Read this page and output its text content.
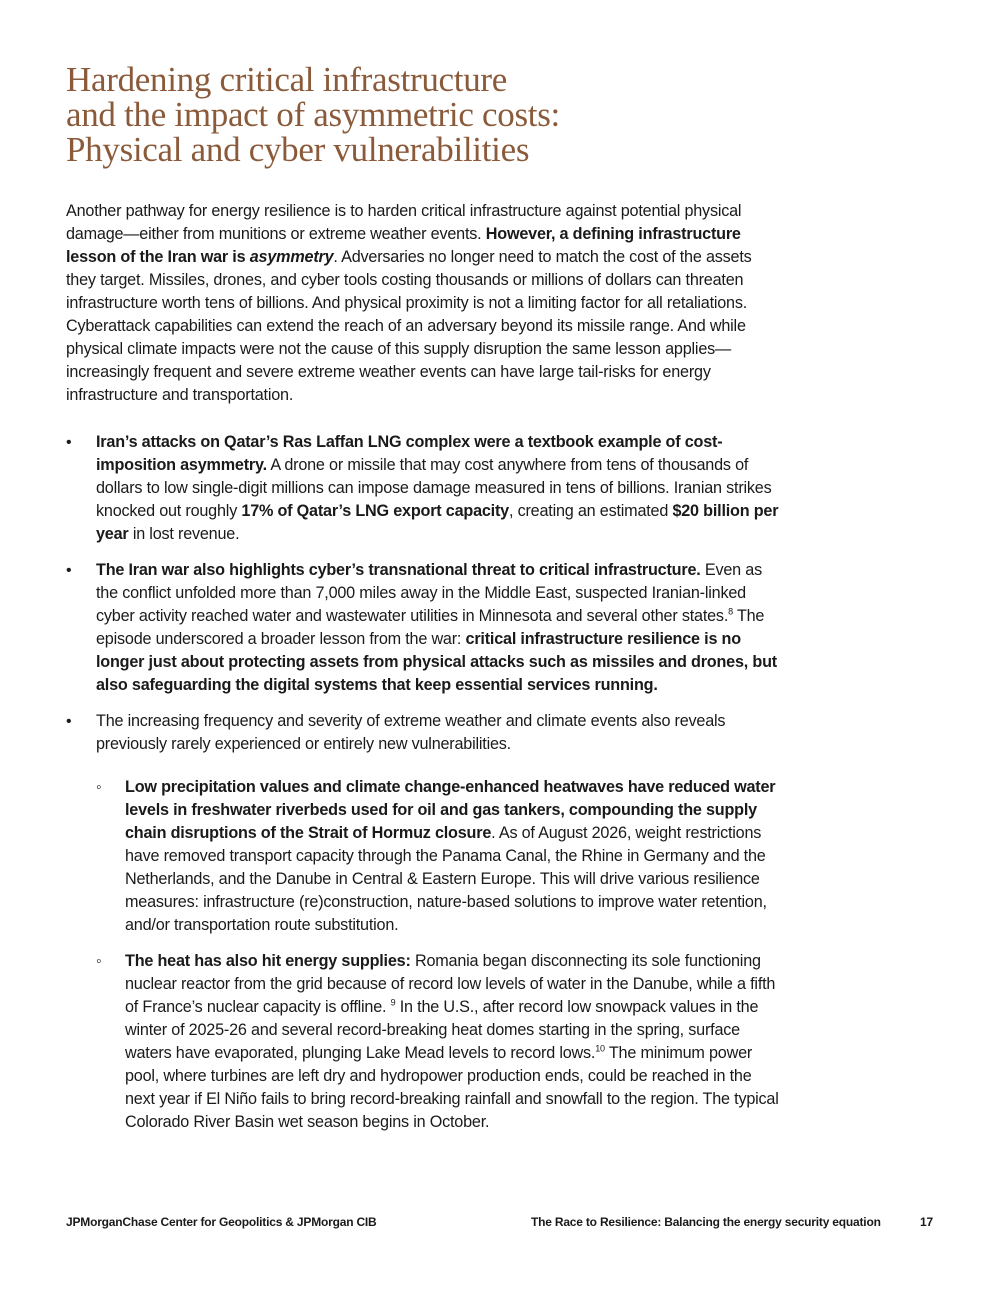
Hardening critical infrastructure
and the impact of asymmetric costs:
Physical and cyber vulnerabilities

Another pathway for energy resilience is to harden critical infrastructure against potential physical damage—either from munitions or extreme weather events. However, a defining infrastructure lesson of the Iran war is asymmetry. Adversaries no longer need to match the cost of the assets they target. Missiles, drones, and cyber tools costing thousands or millions of dollars can threaten infrastructure worth tens of billions. And physical proximity is not a limiting factor for all retaliations. Cyberattack capabilities can extend the reach of an adversary beyond its missile range. And while physical climate impacts were not the cause of this supply disruption the same lesson applies—increasingly frequent and severe extreme weather events can have large tail-risks for energy infrastructure and transportation.

• Iran’s attacks on Qatar’s Ras Laffan LNG complex were a textbook example of cost-imposition asymmetry. A drone or missile that may cost anywhere from tens of thousands of dollars to low single-digit millions can impose damage measured in tens of billions. Iranian strikes knocked out roughly 17% of Qatar’s LNG export capacity, creating an estimated $20 billion per year in lost revenue.
• The Iran war also highlights cyber’s transnational threat to critical infrastructure. Even as the conflict unfolded more than 7,000 miles away in the Middle East, suspected Iranian-linked cyber activity reached water and wastewater utilities in Minnesota and several other states.$^8$ The episode underscored a broader lesson from the war: critical infrastructure resilience is no longer just about protecting assets from physical attacks such as missiles and drones, but also safeguarding the digital systems that keep essential services running.
• The increasing frequency and severity of extreme weather and climate events also reveals previously rarely experienced or entirely new vulnerabilities.
◦ Low precipitation values and climate change-enhanced heatwaves have reduced water levels in freshwater riverbeds used for oil and gas tankers, compounding the supply chain disruptions of the Strait of Hormuz closure. As of August 2026, weight restrictions have removed transport capacity through the Panama Canal, the Rhine in Germany and the Netherlands, and the Danube in Central & Eastern Europe. This will drive various resilience measures: infrastructure (re)construction, nature-based solutions to improve water retention, and/or transportation route substitution.
◦ The heat has also hit energy supplies: Romania began disconnecting its sole functioning nuclear reactor from the grid because of record low levels of water in the Danube, while a fifth of France’s nuclear capacity is offline. $^9$ In the U.S., after record low snowpack values in the winter of 2025-26 and several record-breaking heat domes starting in the spring, surface waters have evaporated, plunging Lake Mead levels to record lows.$^{10}$ The minimum power pool, where turbines are left dry and hydropower production ends, could be reached in the next year if El Niño fails to bring record-breaking rainfall and snowfall to the region. The typical Colorado River Basin wet season begins in October.
JPMorganChase Center for Geopolitics & JPMorgan CIB	The Race to Resilience: Balancing the energy security equation	17
